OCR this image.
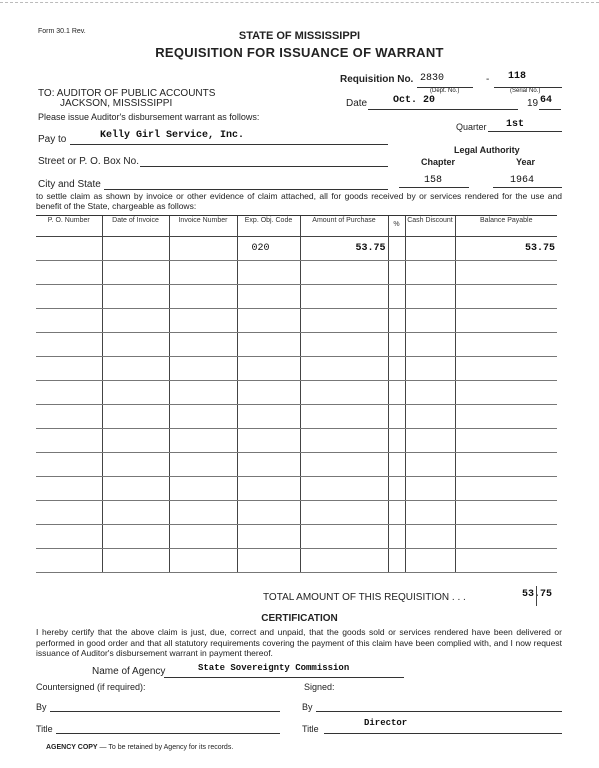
Form 30.1 Rev.	STATE OF MISSISSIPPI
REQUISITION FOR ISSUANCE OF WARRANT
Requisition No. 2830	- 118
(Dept. No.)	(Serial No.)
TO: AUDITOR OF PUBLIC ACCOUNTS
JACKSON, MISSISSIPPI
Please issue Auditor's disbursement warrant as follows:
Date	Oct. 20	19 64
Quarter 1st
Pay to	Kelly Girl Service, Inc.
Legal Authority
Chapter	Year
Street or P. O. Box No.
City and State	158	1964
to settle claim as shown by invoice or other evidence of claim attached, all for goods received by or services rendered for the use and benefit of the State, chargeable as follows:
P. O. Number	Date of Invoice	Invoice Number	Exp. Obj. Code	Amount of Purchase	%	Cash Discount	Balance Payable
			020	53.75			53.75

TOTAL AMOUNT OF THIS REQUISITION . . .	53.75
CERTIFICATION
I hereby certify that the above claim is just, due, correct and unpaid, that the goods sold or services rendered have been delivered or performed in good order and that all statutory requirements covering the payment of this claim have been complied with, and I now request issuance of Auditor's disbursement warrant in payment thereof.
Name of Agency	State Sovereignty Commission
Countersigned (if required):	Signed:
By	By
Title	Title
Director
AGENCY COPY — To be retained by Agency for its records.
